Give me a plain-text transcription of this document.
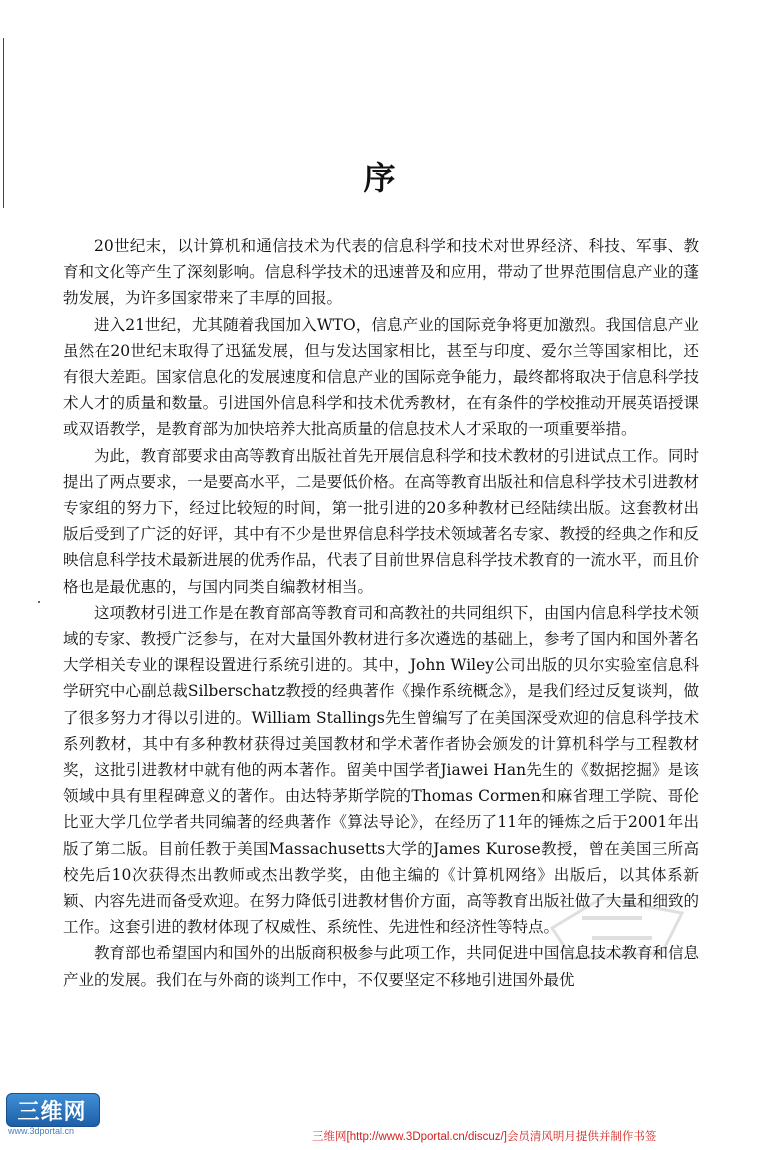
序

20世纪末，以计算机和通信技术为代表的信息科学和技术对世界经济、科技、军事、教育和文化等产生了深刻影响。信息科学技术的迅速普及和应用，带动了世界范围信息产业的蓬勃发展，为许多国家带来了丰厚的回报。

进入21世纪，尤其随着我国加入WTO，信息产业的国际竞争将更加激烈。我国信息产业虽然在20世纪末取得了迅猛发展，但与发达国家相比，甚至与印度、爱尔兰等国家相比，还有很大差距。国家信息化的发展速度和信息产业的国际竞争能力，最终都将取决于信息科学技术人才的质量和数量。引进国外信息科学和技术优秀教材，在有条件的学校推动开展英语授课或双语教学，是教育部为加快培养大批高质量的信息技术人才采取的一项重要举措。

为此，教育部要求由高等教育出版社首先开展信息科学和技术教材的引进试点工作。同时提出了两点要求，一是要高水平，二是要低价格。在高等教育出版社和信息科学技术引进教材专家组的努力下，经过比较短的时间，第一批引进的20多种教材已经陆续出版。这套教材出版后受到了广泛的好评，其中有不少是世界信息科学技术领域著名专家、教授的经典之作和反映信息科学技术最新进展的优秀作品，代表了目前世界信息科学技术教育的一流水平，而且价格也是最优惠的，与国内同类自编教材相当。

这项教材引进工作是在教育部高等教育司和高教社的共同组织下，由国内信息科学技术领域的专家、教授广泛参与，在对大量国外教材进行多次遴选的基础上，参考了国内和国外著名大学相关专业的课程设置进行系统引进的。其中，John Wiley公司出版的贝尔实验室信息科学研究中心副总裁Silberschatz教授的经典著作《操作系统概念》，是我们经过反复谈判，做了很多努力才得以引进的。William Stallings先生曾编写了在美国深受欢迎的信息科学技术系列教材，其中有多种教材获得过美国教材和学术著作者协会颁发的计算机科学与工程教材奖，这批引进教材中就有他的两本著作。留美中国学者Jiawei Han先生的《数据挖掘》是该领域中具有里程碑意义的著作。由达特茅斯学院的Thomas Cormen和麻省理工学院、哥伦比亚大学几位学者共同编著的经典著作《算法导论》，在经历了11年的锤炼之后于2001年出版了第二版。目前任教于美国Massachusetts大学的James Kurose教授，曾在美国三所高校先后10次获得杰出教师或杰出教学奖，由他主编的《计算机网络》出版后，以其体系新颖、内容先进而备受欢迎。在努力降低引进教材售价方面，高等教育出版社做了大量和细致的工作。这套引进的教材体现了权威性、系统性、先进性和经济性等特点。

教育部也希望国内和国外的出版商积极参与此项工作，共同促进中国信息技术教育和信息产业的发展。我们在与外商的谈判工作中，不仅要坚定不移地引进国外最优

三维网
www.3dportal.cn	三维网[http://www.3Dportal.cn/discuz/]会员清风明月提供并制作书签
